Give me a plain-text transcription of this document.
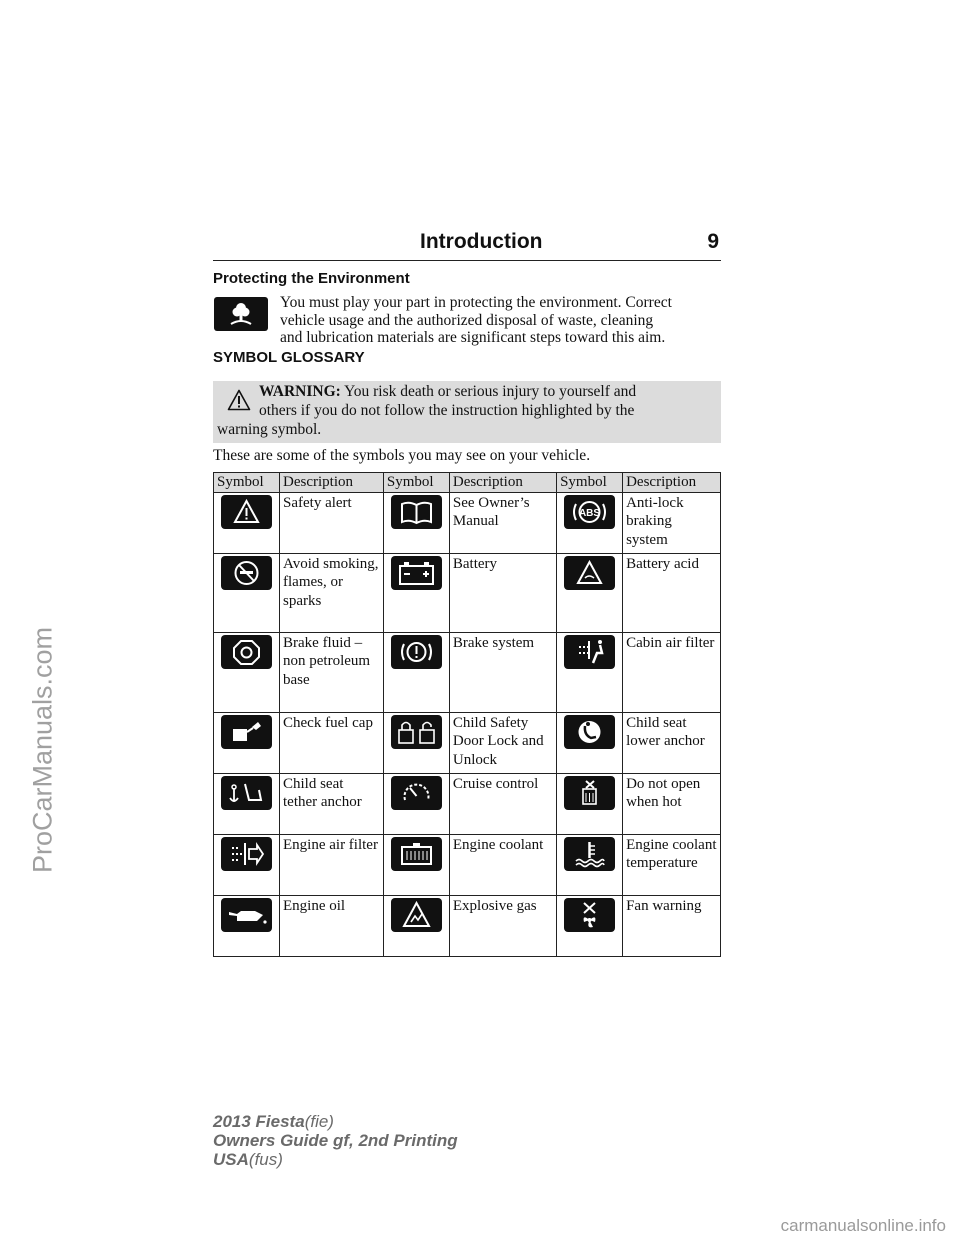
ProCarManuals.com
carmanualsonline.info
Introduction	9
Protecting the Environment
You must play your part in protecting the environment. Correct
vehicle usage and the authorized disposal of waste, cleaning
and lubrication materials are significant steps toward this aim.
SYMBOL GLOSSARY
WARNING: You risk death or serious injury to yourself and
others if you do not follow the instruction highlighted by the
warning symbol.
These are some of the symbols you may see on your vehicle.
Symbol	Description	Symbol	Description	Symbol	Description

	Safety alert		See Owner’s Manual	ABS	Anti-lock braking system

	Avoid smoking, flames, or sparks		Battery		Battery acid

	Brake fluid – non petroleum base		Brake system		Cabin air filter

	Check fuel cap		Child Safety Door Lock and Unlock		Child seat lower anchor

	Child seat tether anchor		Cruise control		Do not open when hot

	Engine air filter		Engine coolant		Engine coolant temperature

	Engine oil		Explosive gas		Fan warning
2013 Fiesta(fie)
Owners Guide gf, 2nd Printing
USA(fus)
